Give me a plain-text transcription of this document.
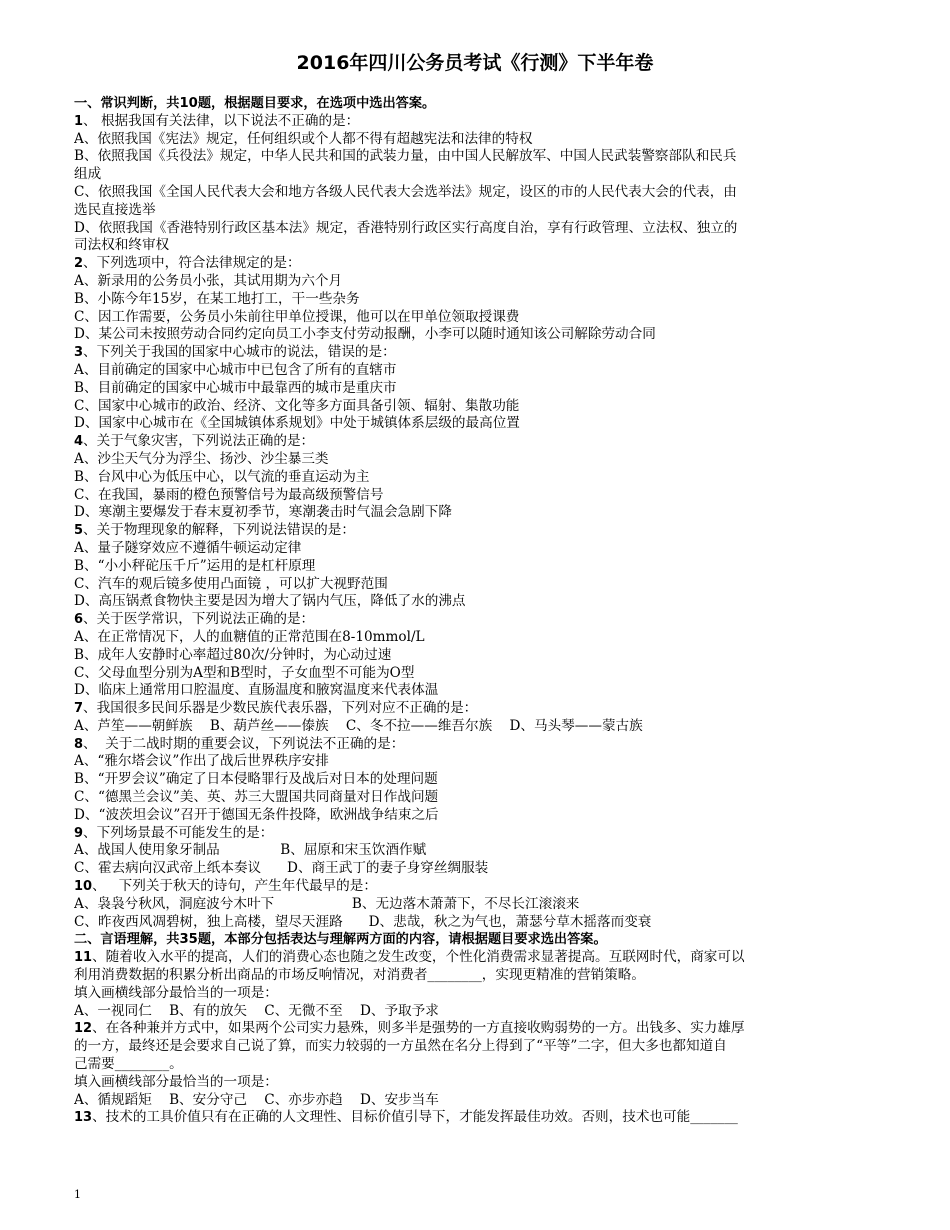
2016年四川公务员考试《行测》下半年卷
一、常识判断，共10题，根据题目要求，在选项中选出答案。
1、 根据我国有关法律，以下说法不正确的是：
A、依照我国《宪法》规定，任何组织或个人都不得有超越宪法和法律的特权
B、依照我国《兵役法》规定，中华人民共和国的武装力量，由中国人民解放军、中国人民武装警察部队和民兵
组成
C、依照我国《全国人民代表大会和地方各级人民代表大会选举法》规定，设区的市的人民代表大会的代表，由
选民直接选举
D、依照我国《香港特别行政区基本法》规定，香港特别行政区实行高度自治，享有行政管理、立法权、独立的
司法权和终审权
2、下列选项中，符合法律规定的是：
A、新录用的公务员小张，其试用期为六个月
B、小陈今年15岁，在某工地打工，干一些杂务
C、因工作需要，公务员小朱前往甲单位授课，他可以在甲单位领取授课费
D、某公司未按照劳动合同约定向员工小李支付劳动报酬，小李可以随时通知该公司解除劳动合同
3、下列关于我国的国家中心城市的说法，错误的是：
A、目前确定的国家中心城市中已包含了所有的直辖市
B、目前确定的国家中心城市中最靠西的城市是重庆市
C、国家中心城市的政治、经济、文化等多方面具备引领、辐射、集散功能
D、国家中心城市在《全国城镇体系规划》中处于城镇体系层级的最高位置
4、关于气象灾害，下列说法正确的是：
A、沙尘天气分为浮尘、扬沙、沙尘暴三类
B、台风中心为低压中心，以气流的垂直运动为主
C、在我国，暴雨的橙色预警信号为最高级预警信号
D、寒潮主要爆发于春末夏初季节，寒潮袭击时气温会急剧下降
5、关于物理现象的解释，下列说法错误的是：
A、量子隧穿效应不遵循牛顿运动定律
B、“小小秤砣压千斤”运用的是杠杆原理
C、汽车的观后镜多使用凸面镜 ，可以扩大视野范围
D、高压锅煮食物快主要是因为增大了锅内气压，降低了水的沸点
6、关于医学常识，下列说法正确的是：
A、在正常情况下，人的血糖值的正常范围在8-10mmol/L
B、成年人安静时心率超过80次/分钟时，为心动过速
C、父母血型分别为A型和B型时，子女血型不可能为O型
D、临床上通常用口腔温度、直肠温度和腋窝温度来代表体温
7、我国很多民间乐器是少数民族代表乐器，下列对应不正确的是：
A、芦笙——朝鲜族    B、葫芦丝——傣族    C、冬不拉——维吾尔族    D、马头琴——蒙古族
8、  关于二战时期的重要会议，下列说法不正确的是：
A、“雅尔塔会议”作出了战后世界秩序安排
B、“开罗会议”确定了日本侵略罪行及战后对日本的处理问题
C、“德黑兰会议”美、英、苏三大盟国共同商量对日作战问题
D、“波茨坦会议”召开于德国无条件投降，欧洲战争结束之后
9、下列场景最不可能发生的是：
A、战国人使用象牙制品              B、屈原和宋玉饮酒作赋
C、霍去病向汉武帝上纸本奏议      D、商王武丁的妻子身穿丝绸服装
10、   下列关于秋天的诗句，产生年代最早的是：
A、袅袅兮秋风，洞庭波兮木叶下                  B、无边落木萧萧下，不尽长江滚滚来
C、昨夜西风凋碧树，独上高楼，望尽天涯路      D、悲哉，秋之为气也，萧瑟兮草木摇落而变衰
二、言语理解，共35题，本部分包括表达与理解两方面的内容，请根据题目要求选出答案。
11、随着收入水平的提高，人们的消费心态也随之发生改变，个性化消费需求显著提高。互联网时代，商家可以
利用消费数据的积累分析出商品的市场反响情况，对消费者________，实现更精准的营销策略。
填入画横线部分最恰当的一项是：
A、一视同仁    B、有的放矢    C、无微不至    D、予取予求
12、在各种兼并方式中，如果两个公司实力悬殊，则多半是强势的一方直接收购弱势的一方。出钱多、实力雄厚
的一方，最终还是会要求自己说了算，而实力较弱的一方虽然在名分上得到了“平等”二字，但大多也都知道自
己需要________。
填入画横线部分最恰当的一项是：
A、循规蹈矩    B、安分守己    C、亦步亦趋    D、安步当车
13、技术的工具价值只有在正确的人文理性、目标价值引导下，才能发挥最佳功效。否则，技术也可能_______
1
